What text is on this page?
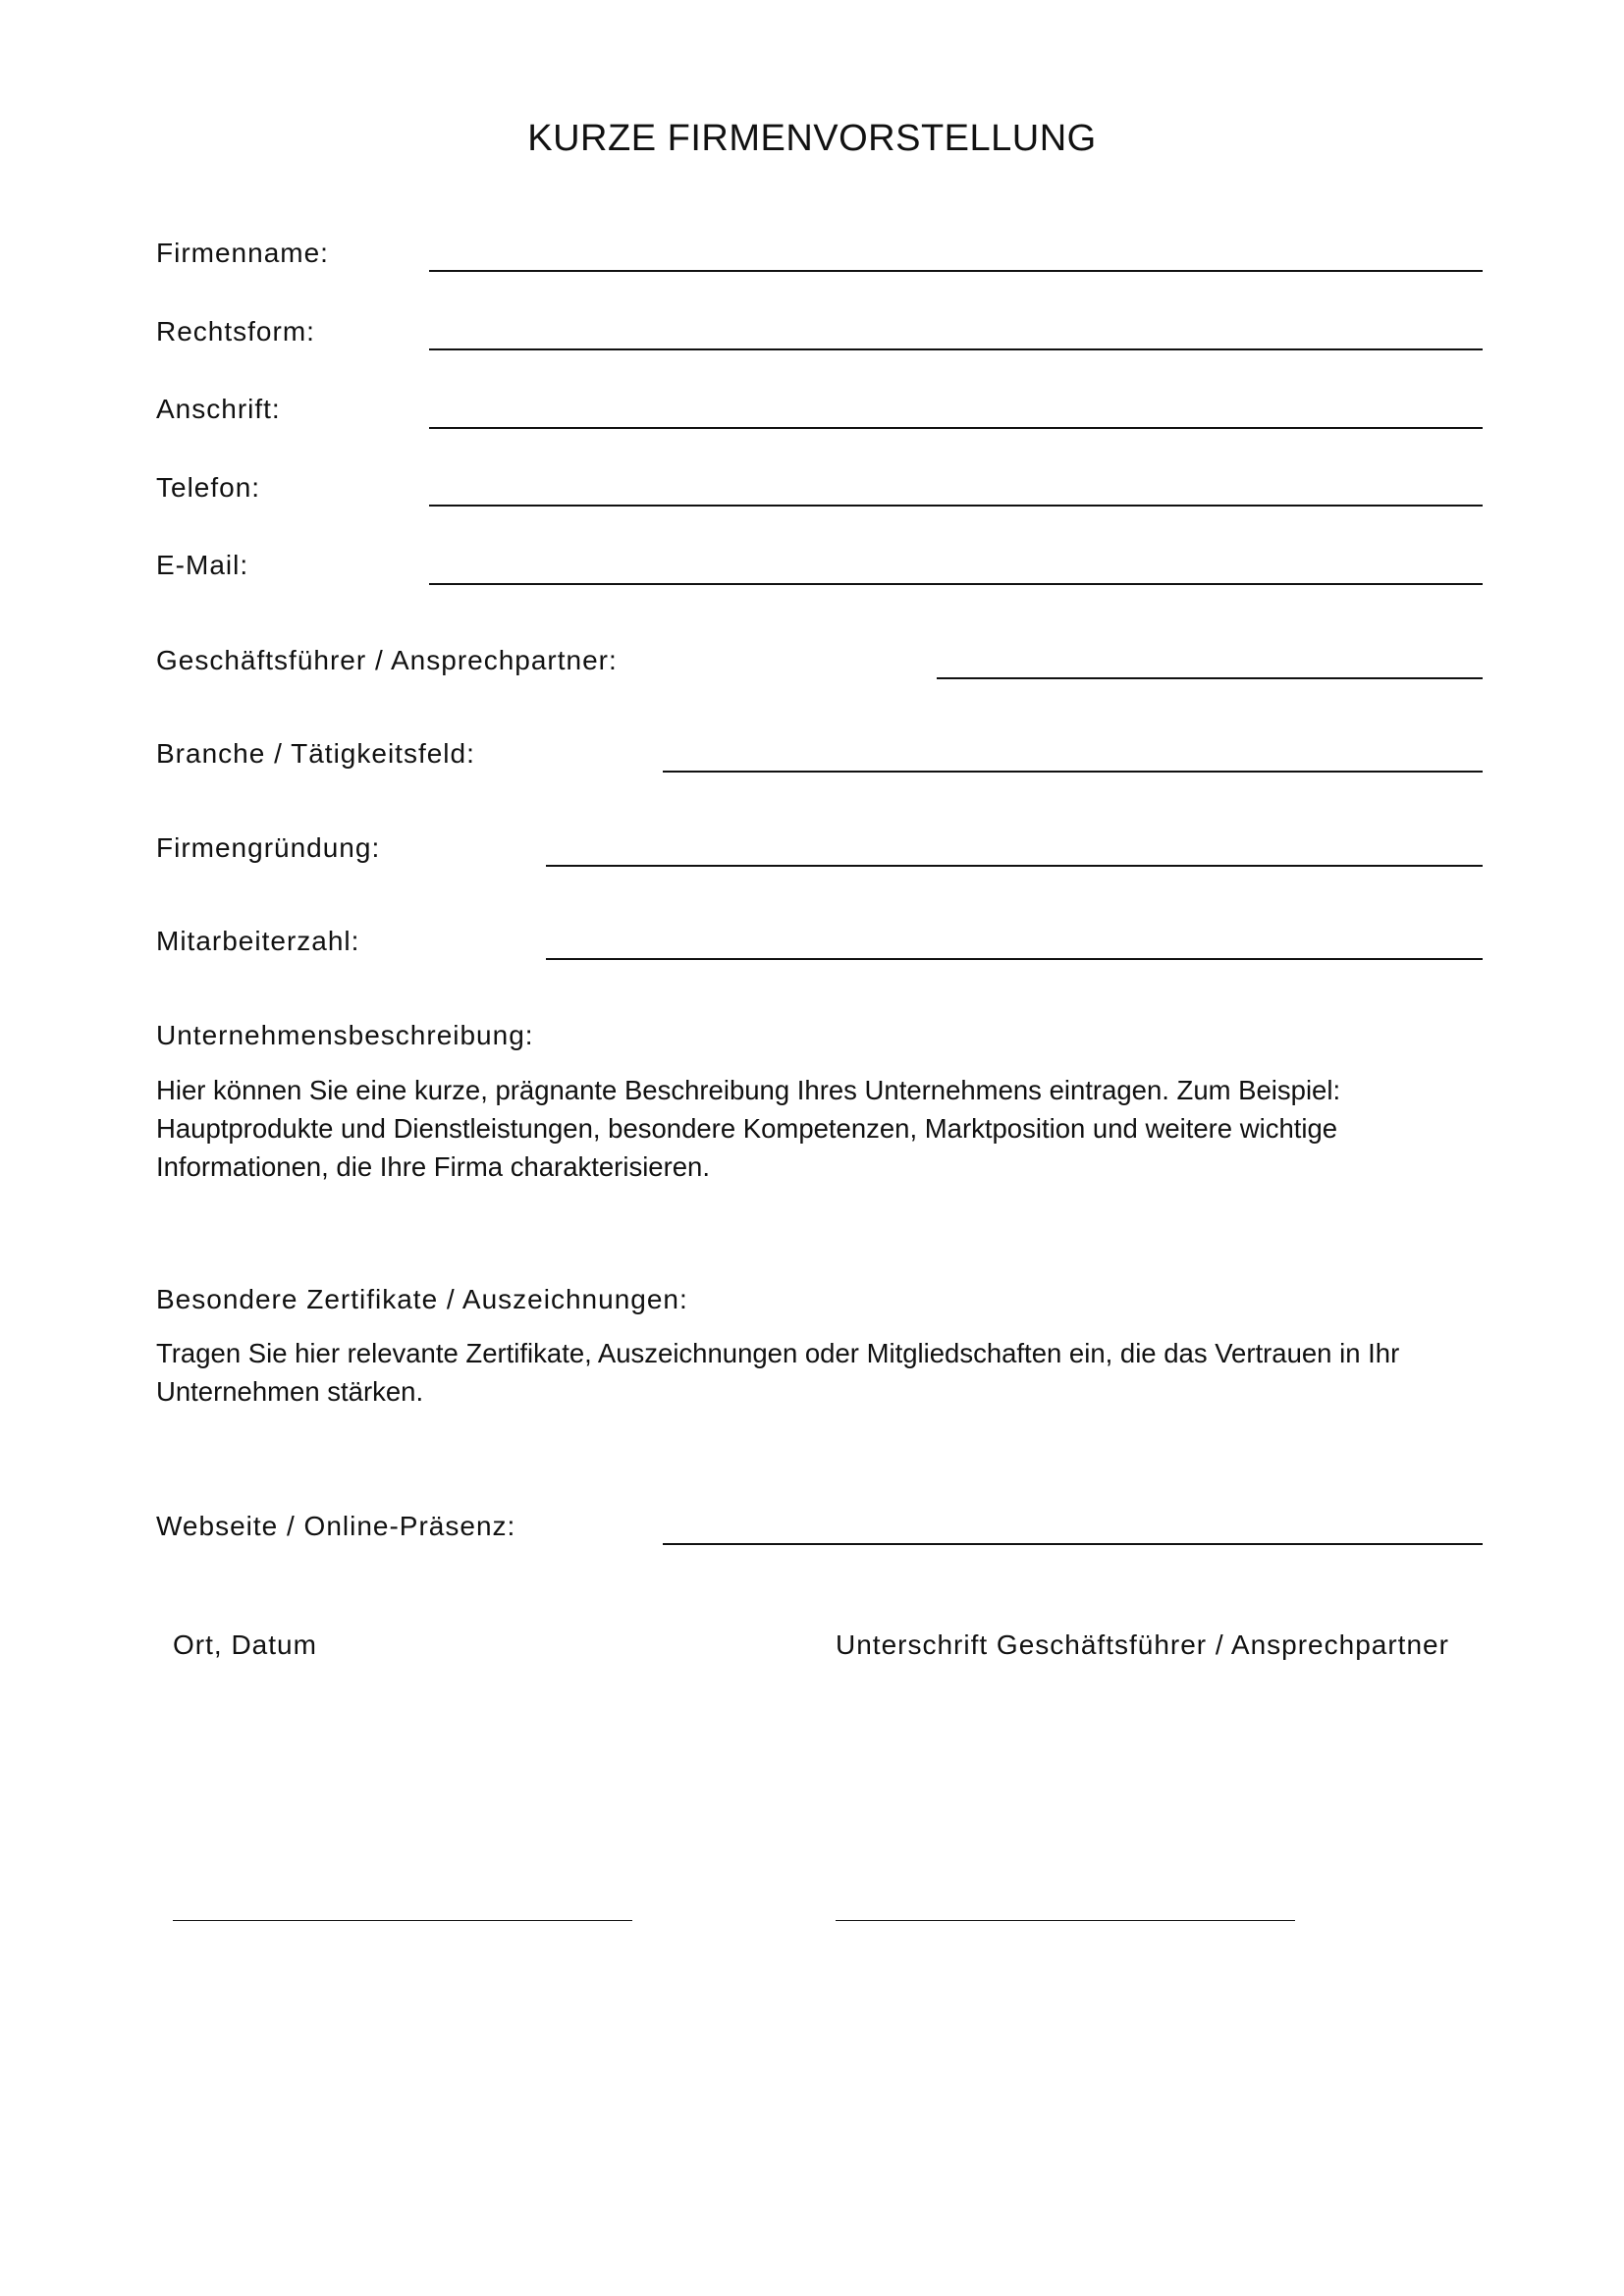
KURZE FIRMENVORSTELLUNG
Firmenname:
Rechtsform:
Anschrift:
Telefon:
E-Mail:
Geschäftsführer / Ansprechpartner:
Branche / Tätigkeitsfeld:
Firmengründung:
Mitarbeiterzahl:
Unternehmensbeschreibung:
Hier können Sie eine kurze, prägnante Beschreibung Ihres Unternehmens eintragen. Zum Beispiel:
Hauptprodukte und Dienstleistungen, besondere Kompetenzen, Marktposition und weitere wichtige
Informationen, die Ihre Firma charakterisieren.
Besondere Zertifikate / Auszeichnungen:
Tragen Sie hier relevante Zertifikate, Auszeichnungen oder Mitgliedschaften ein, die das Vertrauen in Ihr
Unternehmen stärken.
Webseite / Online-Präsenz:
Ort, Datum	Unterschrift Geschäftsführer / Ansprechpartner
